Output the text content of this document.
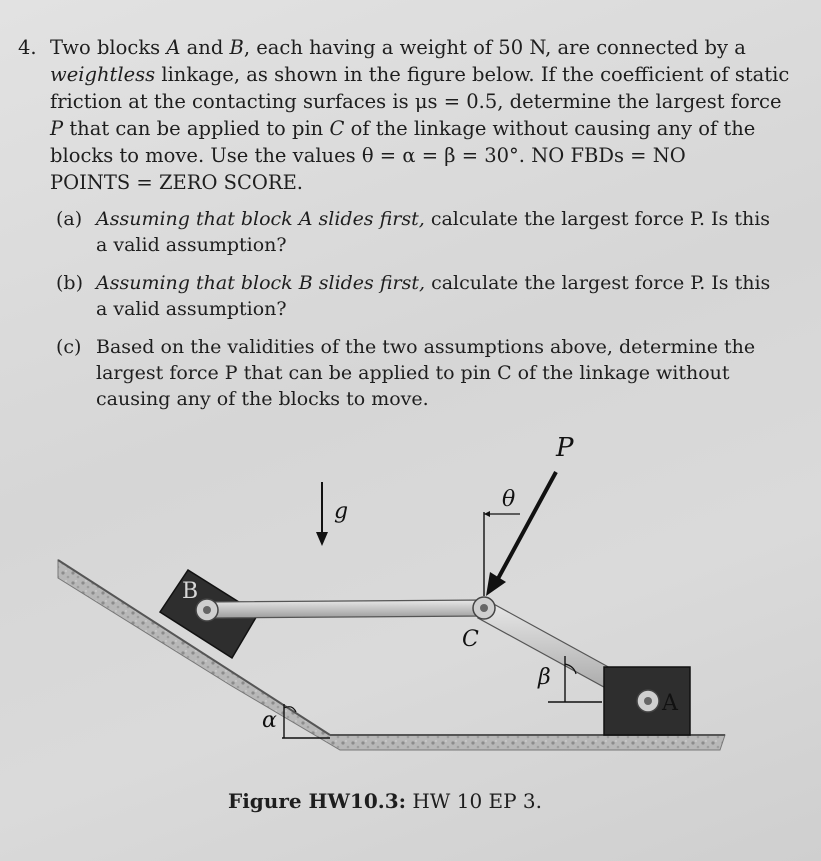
4. Two blocks A and B, each having a weight of 50 N, are connected by a
weightless linkage, as shown in the figure below. If the coefficient of static
friction at the contacting surfaces is μs = 0.5, determine the largest force
P that can be applied to pin C of the linkage without causing any of the
blocks to move. Use the values θ = α = β = 30°. NO FBDs = NO
POINTS = ZERO SCORE.
(a) Assuming that block A slides first, calculate the largest force P. Is this a valid assumption?
(b) Assuming that block B slides first, calculate the largest force P. Is this a valid assumption?
(c) Based on the validities of the two assumptions above, determine the largest force P that can be applied to pin C of the linkage without causing any of the blocks to move.
α
B
A
C
β
g
P
θ
Figure HW10.3: HW 10 EP 3.
